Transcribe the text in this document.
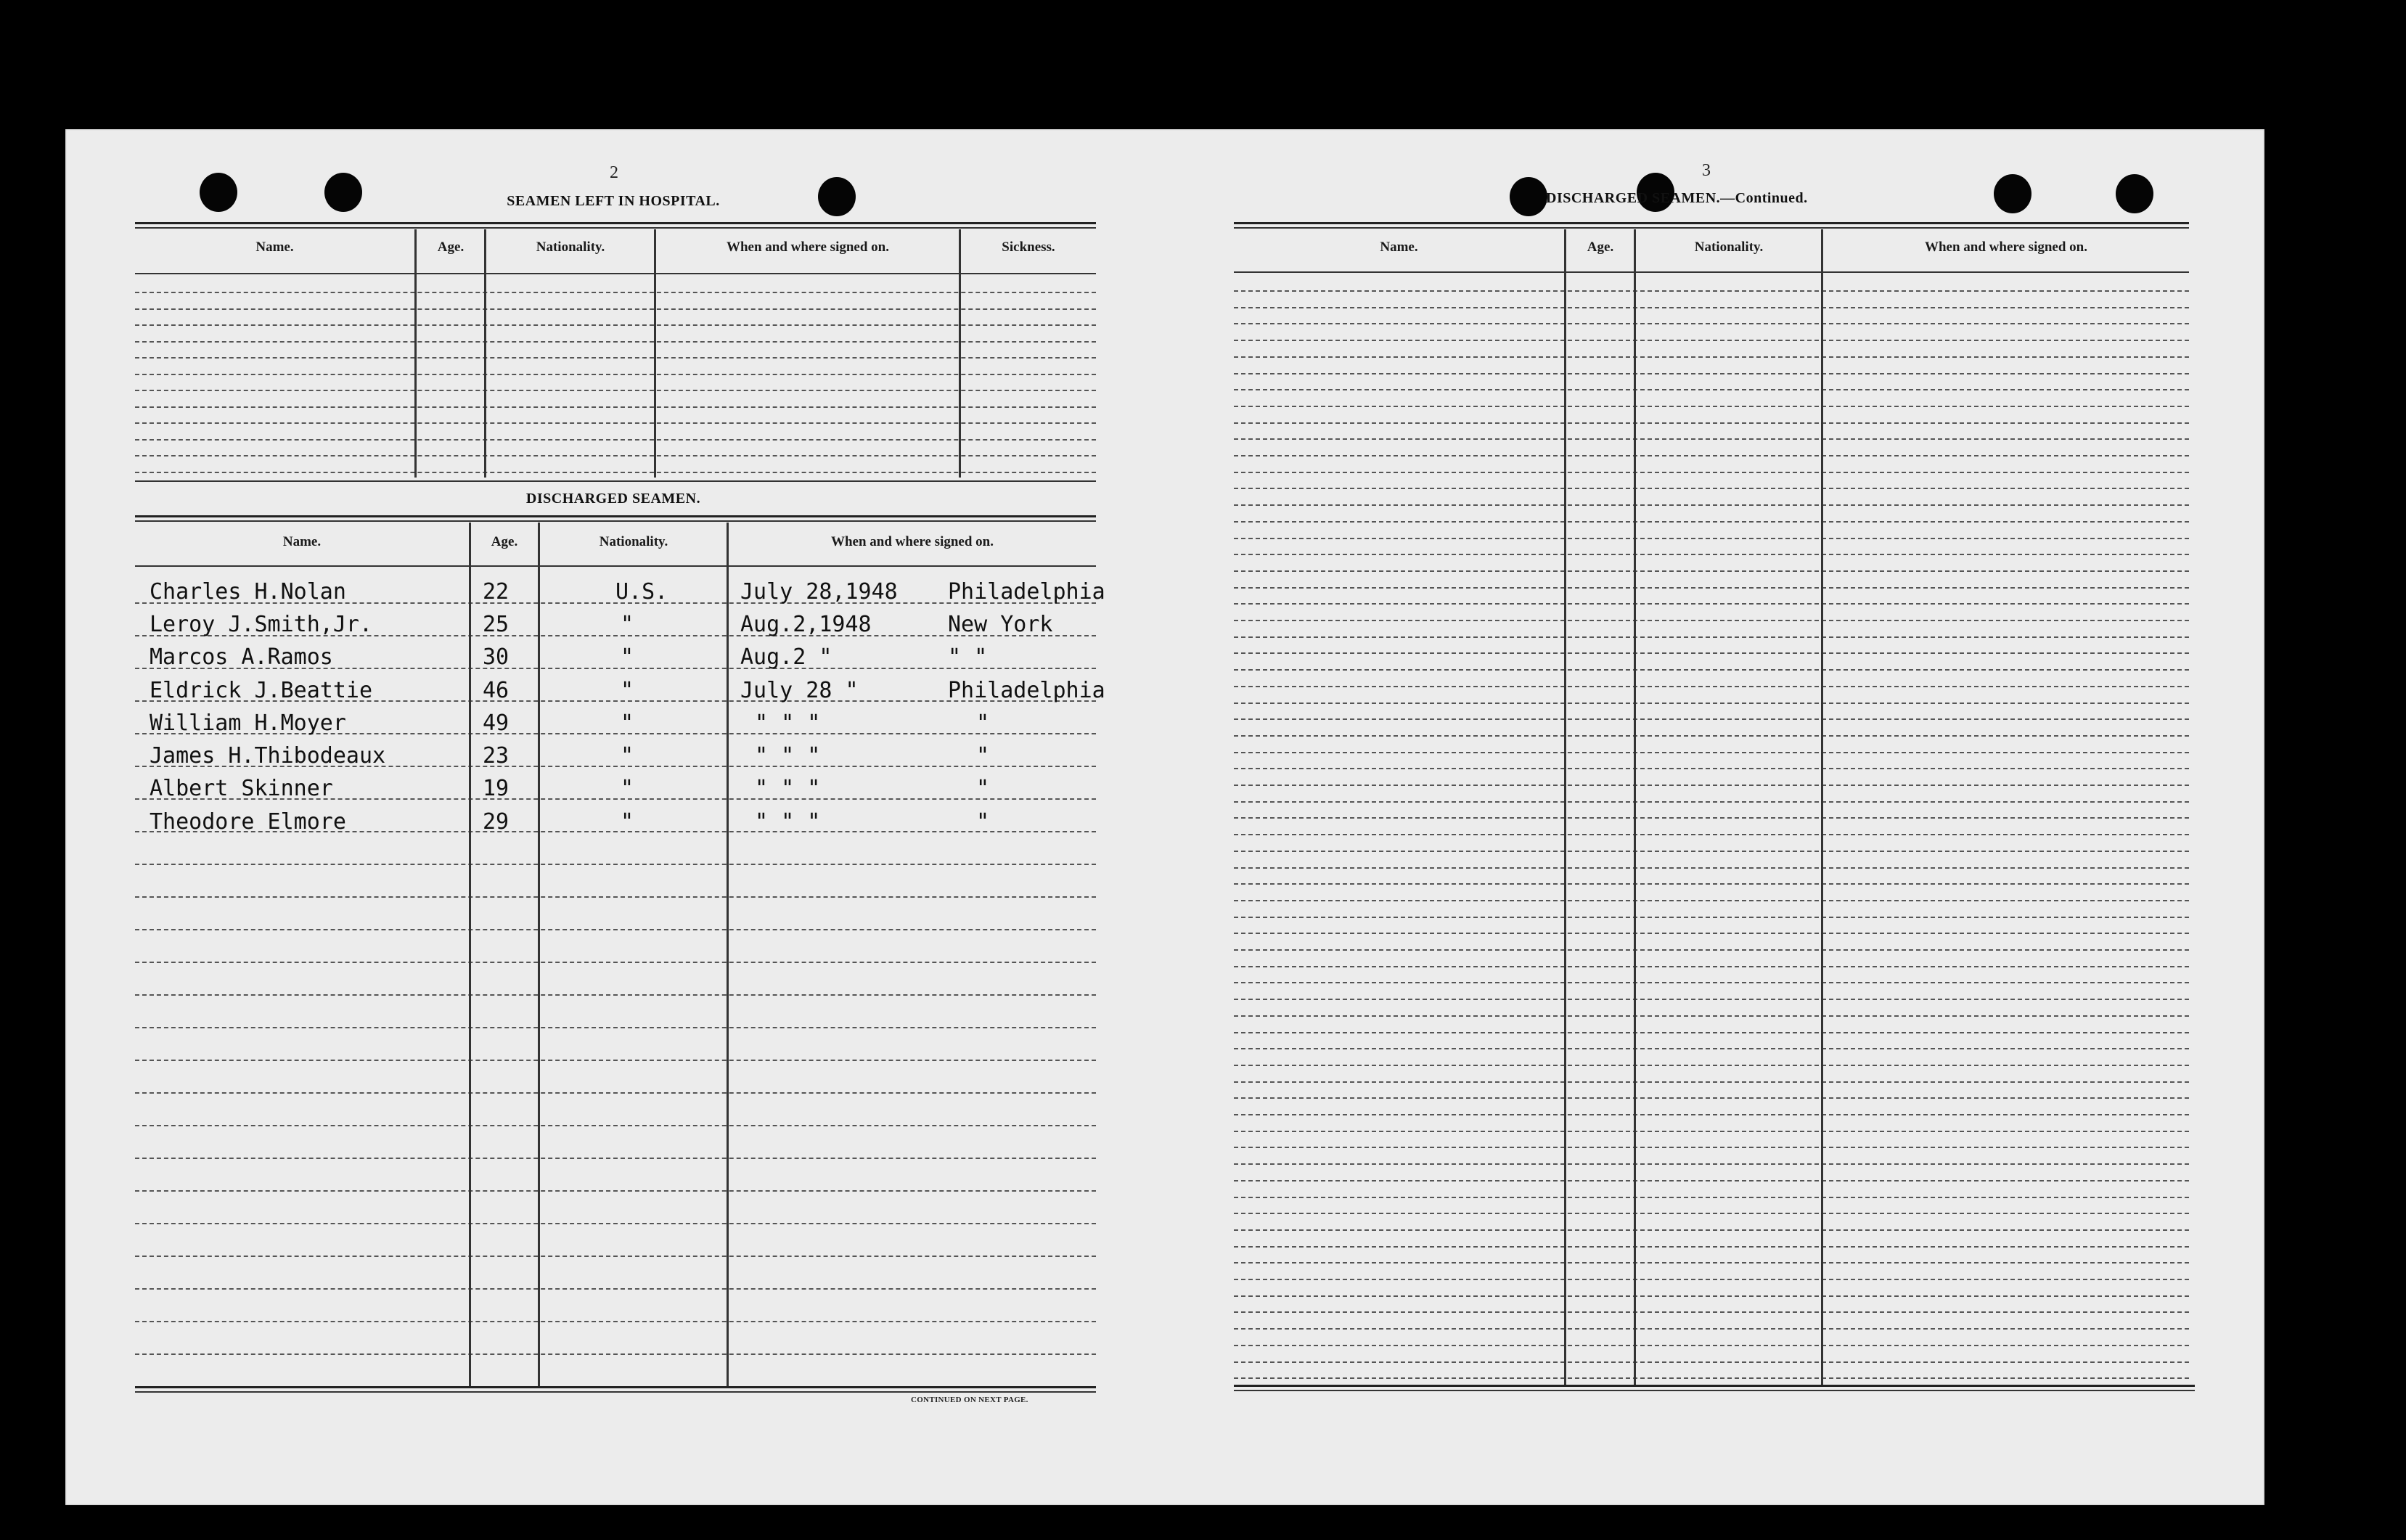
2
SEAMEN LEFT IN HOSPITAL.
Name.	Age.	Nationality.	When and where signed on.	Sickness.
DISCHARGED SEAMEN.
Name.	Age.	Nationality.	When and where signed on.
Charles H.Nolan	22	U.S.	July 28,1948 Philadelphia
Leroy J.Smith,Jr.	25	"	Aug.2,1948	New York
Marcos A.Ramos	30	"	Aug.2 "	" "
Eldrick J.Beattie	46	"	July 28 "	Philadelphia
William H.Moyer	49	"	" " "	"
James H.Thibodeaux	23	"	" " "	"
Albert Skinner	19	"	" " "	"
Theodore Elmore	29	"	" " "	"
CONTINUED ON NEXT PAGE.
3
DISCHARGED SEAMEN.—Continued.
Name.	Age.	Nationality.	When and where signed on.
